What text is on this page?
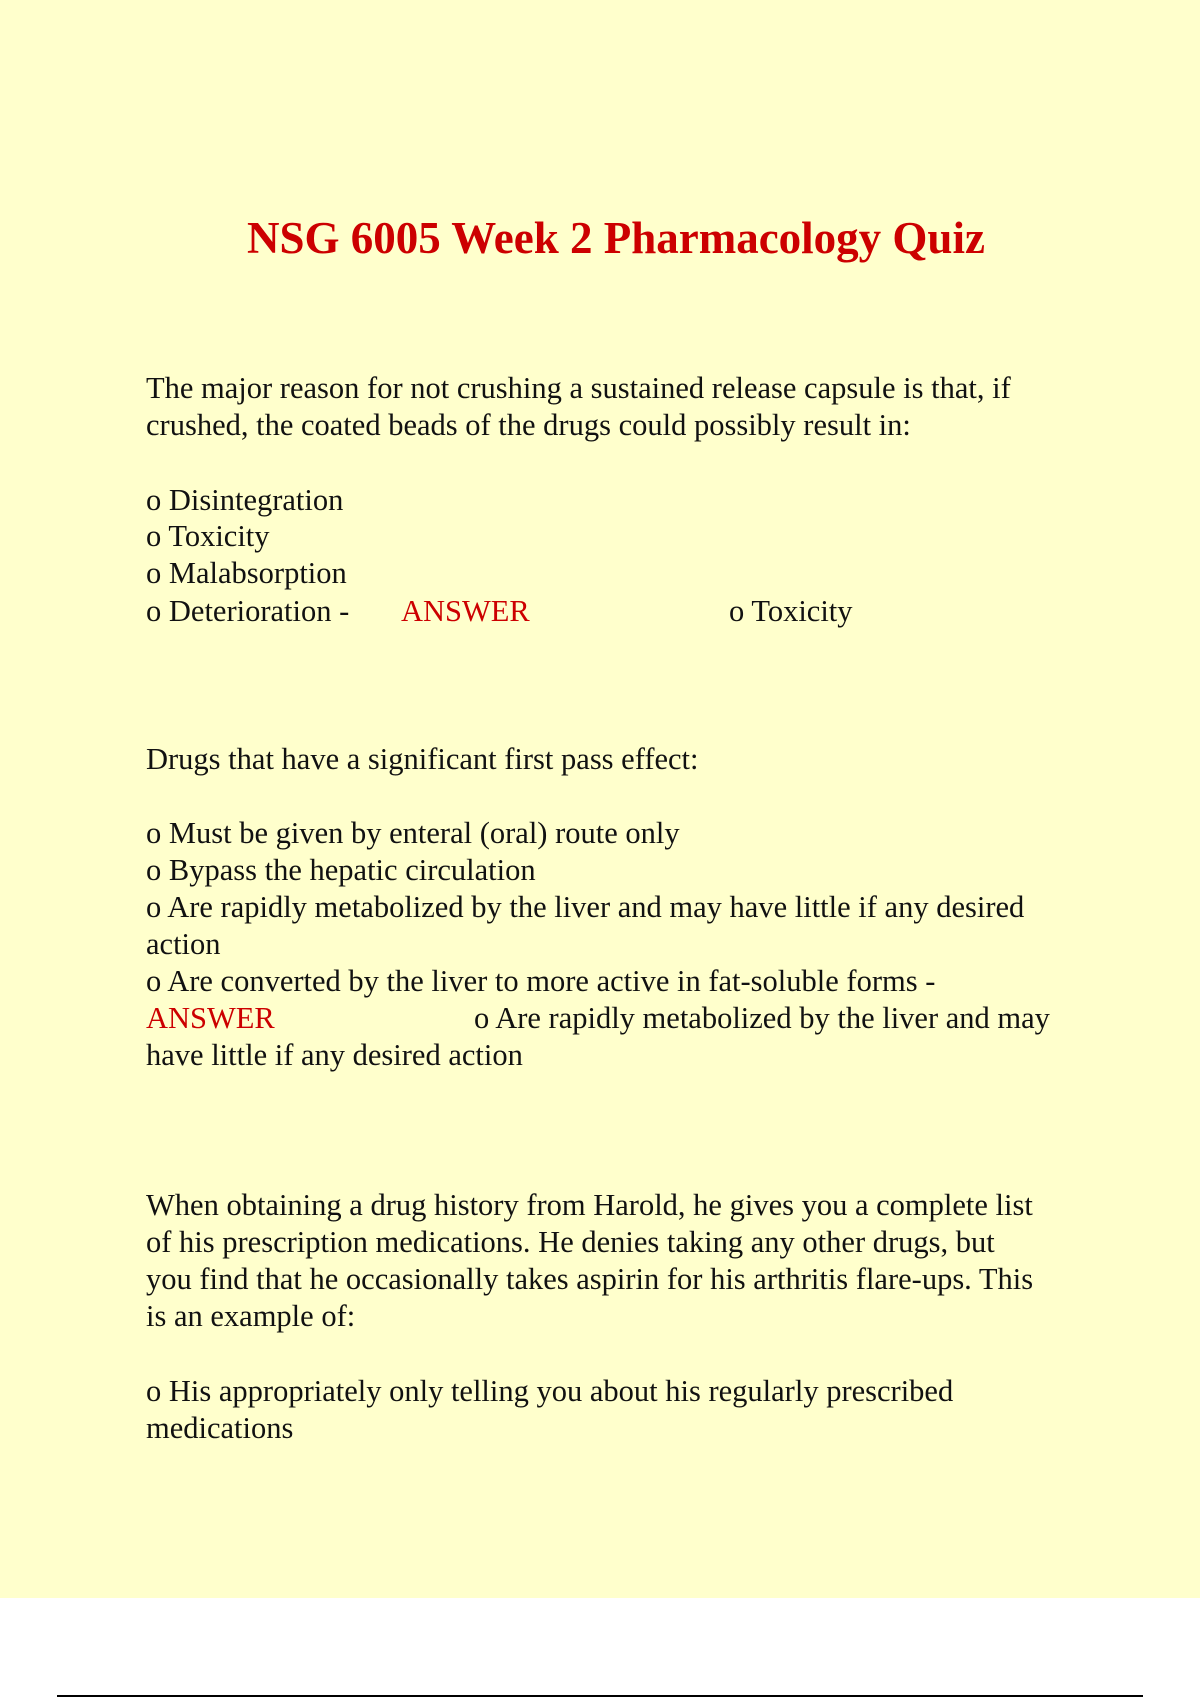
NSG 6005 Week 2 Pharmacology Quiz

The major reason for not crushing a sustained release capsule is that, if

crushed, the coated beads of the drugs could possibly result in:

o Disintegration

o Toxicity

o Malabsorption

o Deterioration - ANSWER	o Toxicity

Drugs that have a significant first pass effect:

o Must be given by enteral (oral) route only

o Bypass the hepatic circulation

o Are rapidly metabolized by the liver and may have little if any desired

action

o Are converted by the liver to more active in fat-soluble forms -

ANSWER	o Are rapidly metabolized by the liver and may

have little if any desired action

When obtaining a drug history from Harold, he gives you a complete list

of his prescription medications. He denies taking any other drugs, but

you find that he occasionally takes aspirin for his arthritis flare-ups. This

is an example of:

o His appropriately only telling you about his regularly prescribed

medications
